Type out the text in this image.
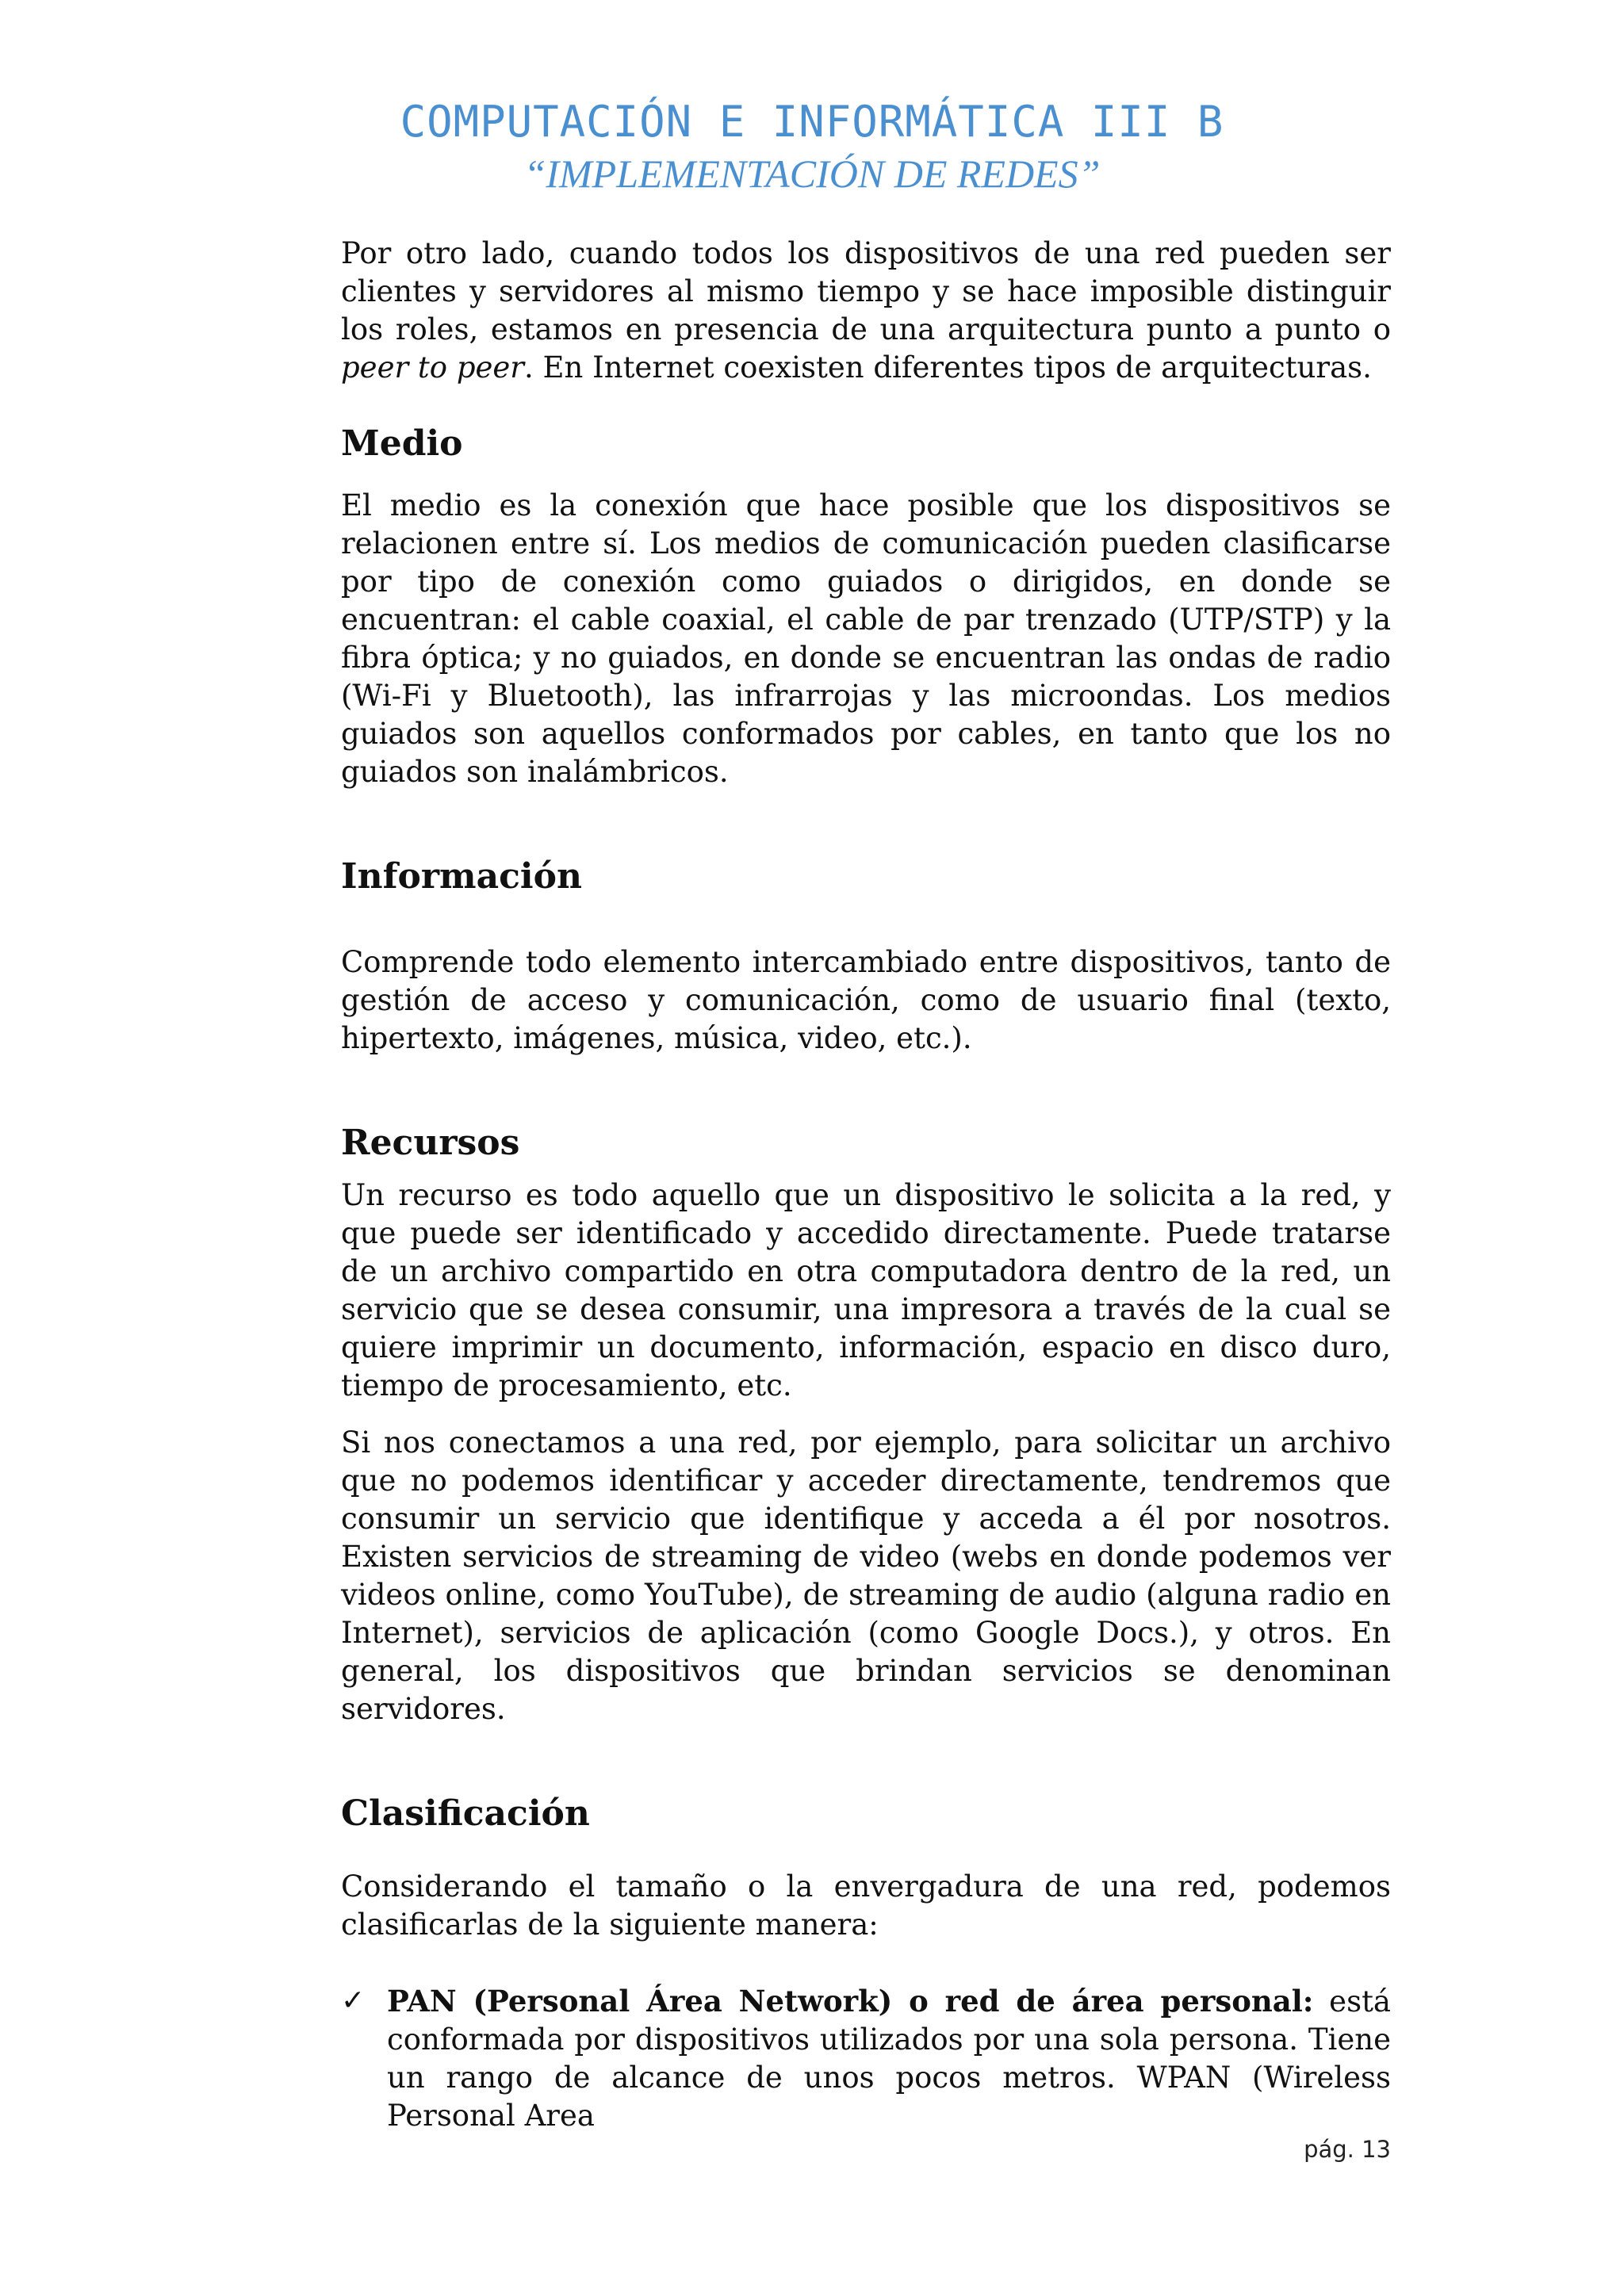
COMPUTACIÓN E INFORMÁTICA III B
“IMPLEMENTACIÓN DE REDES”

Por otro lado, cuando todos los dispositivos de una red pueden ser clientes y servidores al mismo tiempo y se hace imposible distinguir los roles, estamos en presencia de una arquitectura punto a punto o peer to peer. En Internet coexisten diferentes tipos de arquitecturas.

Medio

El medio es la conexión que hace posible que los dispositivos se relacionen entre sí. Los medios de comunicación pueden clasificarse por tipo de conexión como guiados o dirigidos, en donde se encuentran: el cable coaxial, el cable de par trenzado (UTP/STP) y la fibra óptica; y no guiados, en donde se encuentran las ondas de radio (Wi-Fi y Bluetooth), las infrarrojas y las microondas. Los medios guiados son aquellos conformados por cables, en tanto que los no guiados son inalámbricos.

Información

Comprende todo elemento intercambiado entre dispositivos, tanto de gestión de acceso y comunicación, como de usuario final (texto, hipertexto, imágenes, música, video, etc.).

Recursos

Un recurso es todo aquello que un dispositivo le solicita a la red, y que puede ser identificado y accedido directamente. Puede tratarse de un archivo compartido en otra computadora dentro de la red, un servicio que se desea consumir, una impresora a través de la cual se quiere imprimir un documento, información, espacio en disco duro, tiempo de procesamiento, etc.

Si nos conectamos a una red, por ejemplo, para solicitar un archivo que no podemos identificar y acceder directamente, tendremos que consumir un servicio que identifique y acceda a él por nosotros. Existen servicios de streaming de video (webs en donde podemos ver videos online, como YouTube), de streaming de audio (alguna radio en Internet), servicios de aplicación (como Google Docs.), y otros. En general, los dispositivos que brindan servicios se denominan servidores.

Clasificación

Considerando el tamaño o la envergadura de una red, podemos clasificarlas de la siguiente manera:

✓ PAN (Personal Área Network) o red de área personal: está conformada por dispositivos utilizados por una sola persona. Tiene un rango de alcance de unos pocos metros. WPAN (Wireless Personal Area
pág. 13
